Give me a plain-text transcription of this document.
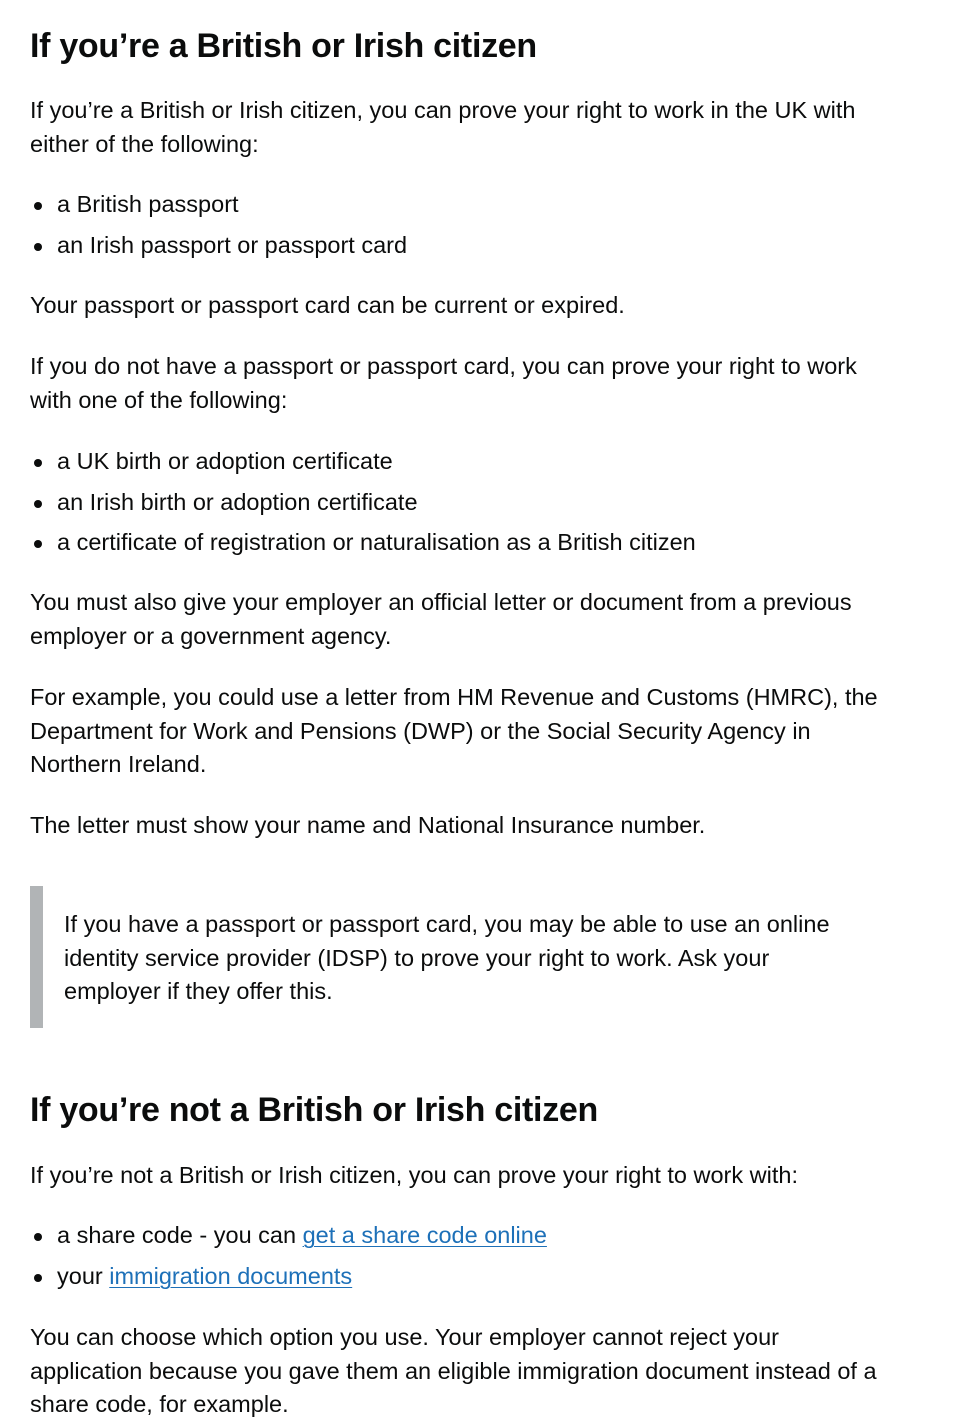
If you’re a British or Irish citizen

If you’re a British or Irish citizen, you can prove your right to work in the UK with either of the following:

a British passport
an Irish passport or passport card

Your passport or passport card can be current or expired.

If you do not have a passport or passport card, you can prove your right to work with one of the following:

a UK birth or adoption certificate
an Irish birth or adoption certificate
a certificate of registration or naturalisation as a British citizen

You must also give your employer an official letter or document from a previous employer or a government agency.

For example, you could use a letter from HM Revenue and Customs (HMRC), the Department for Work and Pensions (DWP) or the Social Security Agency in Northern Ireland.

The letter must show your name and National Insurance number.

If you have a passport or passport card, you may be able to use an online identity service provider (IDSP) to prove your right to work. Ask your employer if they offer this.

If you’re not a British or Irish citizen

If you’re not a British or Irish citizen, you can prove your right to work with:

a share code - you can get a share code online
your immigration documents

You can choose which option you use. Your employer cannot reject your application because you gave them an eligible immigration document instead of a share code, for example.
